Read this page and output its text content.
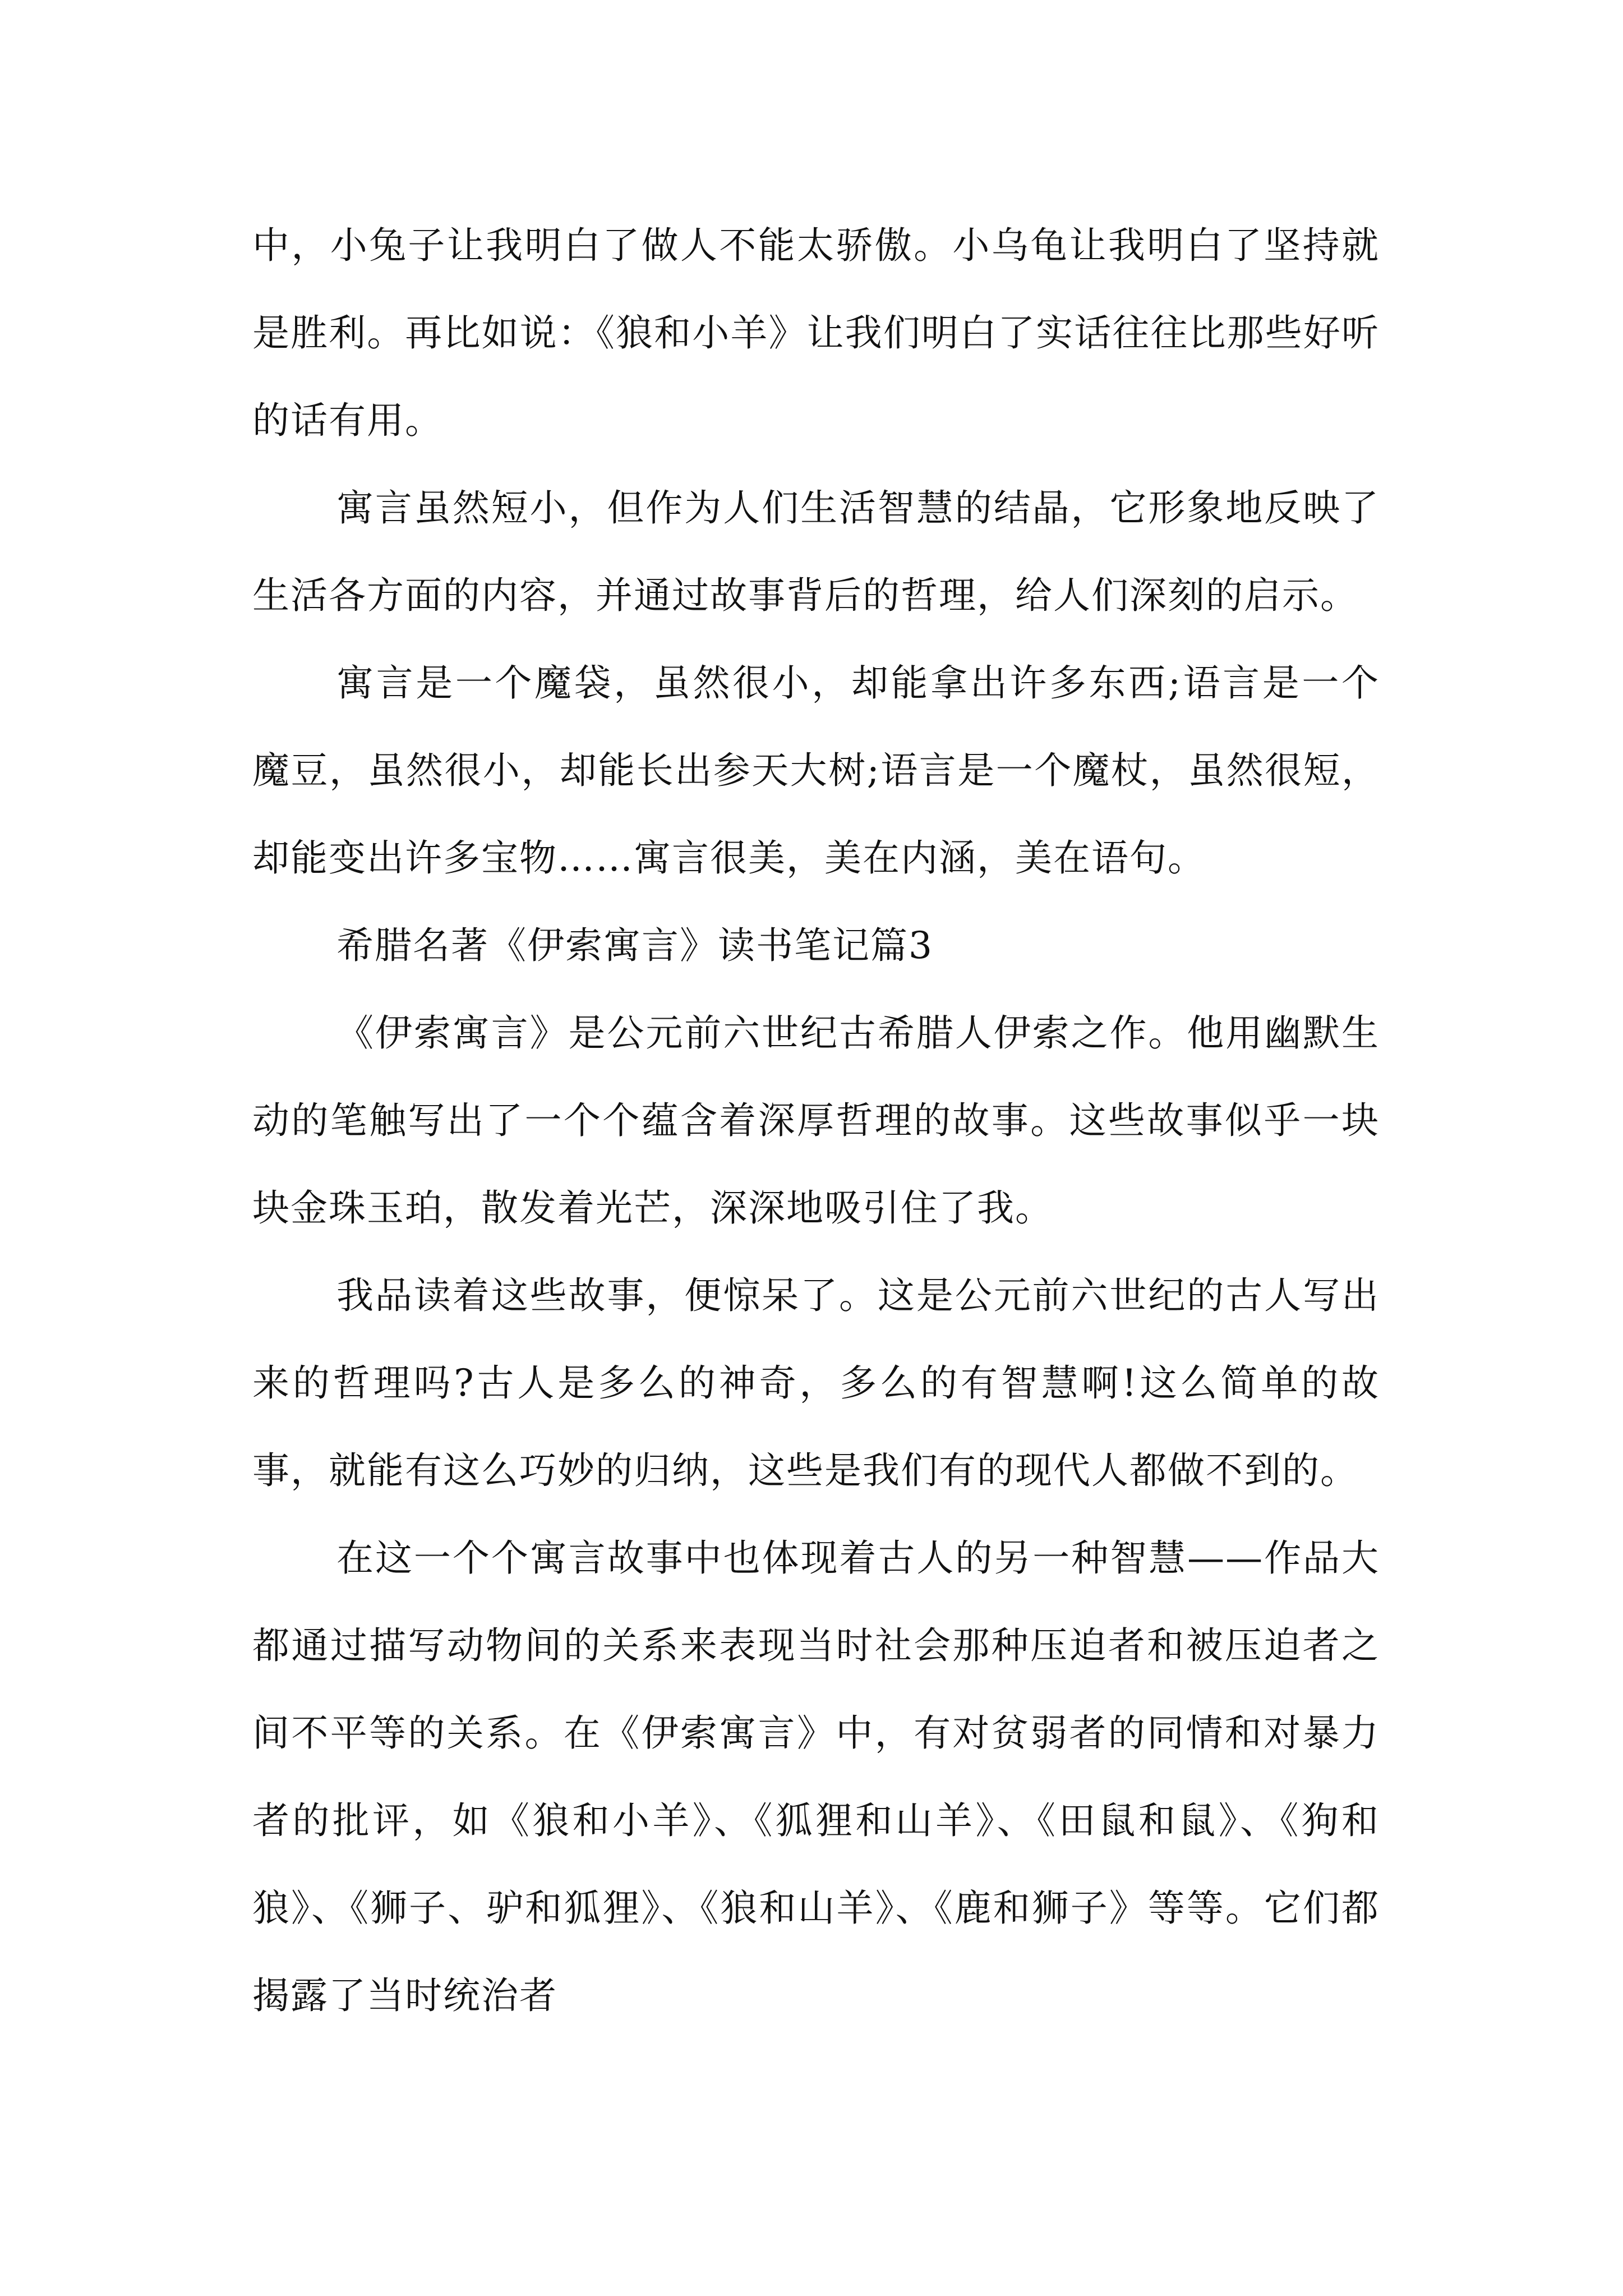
中，小兔子让我明白了做人不能太骄傲。小乌龟让我明白了坚持就是胜利。再比如说：《狼和小羊》让我们明白了实话往往比那些好听的话有用。

寓言虽然短小，但作为人们生活智慧的结晶，它形象地反映了生活各方面的内容，并通过故事背后的哲理，给人们深刻的启示。

寓言是一个魔袋，虽然很小，却能拿出许多东西;语言是一个魔豆，虽然很小，却能长出参天大树;语言是一个魔杖，虽然很短，却能变出许多宝物……寓言很美，美在内涵，美在语句。

希腊名著《伊索寓言》读书笔记篇3

《伊索寓言》是公元前六世纪古希腊人伊索之作。他用幽默生动的笔触写出了一个个蕴含着深厚哲理的故事。这些故事似乎一块块金珠玉珀，散发着光芒，深深地吸引住了我。

我品读着这些故事，便惊呆了。这是公元前六世纪的古人写出来的哲理吗?古人是多么的神奇，多么的有智慧啊!这么简单的故事，就能有这么巧妙的归纳，这些是我们有的现代人都做不到的。

在这一个个寓言故事中也体现着古人的另一种智慧——作品大都通过描写动物间的关系来表现当时社会那种压迫者和被压迫者之间不平等的关系。在《伊索寓言》中，有对贫弱者的同情和对暴力者的批评，如《狼和小羊》、《狐狸和山羊》、《田鼠和鼠》、《狗和狼》、《狮子、驴和狐狸》、《狼和山羊》、《鹿和狮子》等等。它们都揭露了当时统治者
